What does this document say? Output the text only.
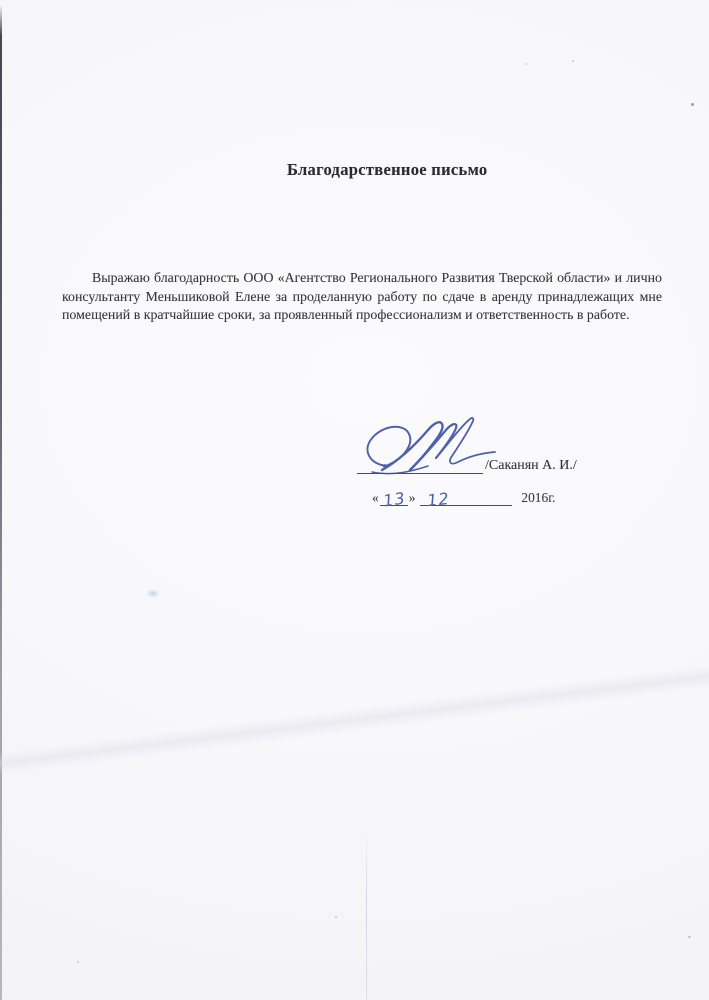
Благодарственное письмо
Выражаю благодарность ООО «Агентство Регионального Развития Тверской области» и лично консультанту Меньшиковой Елене за проделанную работу по сдаче в аренду принадлежащих мне помещений в кратчайшие сроки, за проявленный профессионализм и ответственность в работе.
/Саканян А. И./
« 13 » 12	2016г.
